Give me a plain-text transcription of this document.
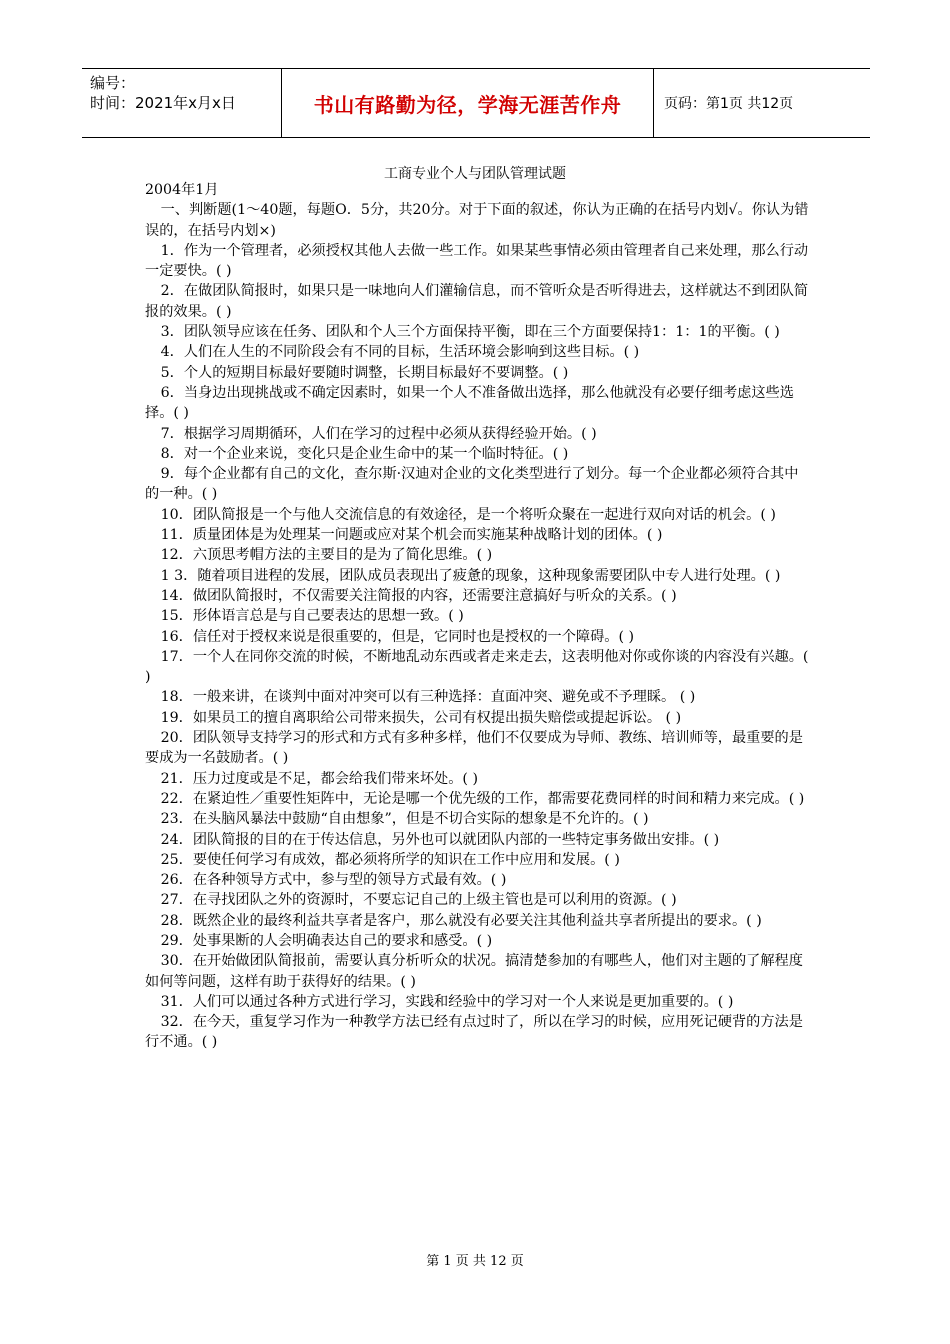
编号：
时间：2021年x月x日	书山有路勤为径，学海无涯苦作舟	页码：第1页 共12页
工商专业个人与团队管理试题

2004年1月

一、判断题(1～40题，每题O．5分，共20分。对于下面的叙述，你认为正确的在括号内划√。你认为错误的，在括号内划×)

1．作为一个管理者，必须授权其他人去做一些工作。如果某些事情必须由管理者自己来处理，那么行动一定要快。( )

2．在做团队简报时，如果只是一味地向人们灌输信息，而不管听众是否听得进去，这样就达不到团队简报的效果。( )

3．团队领导应该在任务、团队和个人三个方面保持平衡，即在三个方面要保持1：1：1的平衡。( )

4．人们在人生的不同阶段会有不同的目标，生活环境会影响到这些目标。( )

5．个人的短期目标最好要随时调整，长期目标最好不要调整。( )

6．当身边出现挑战或不确定因素时，如果一个人不准备做出选择，那么他就没有必要仔细考虑这些选择。( )

7．根据学习周期循环，人们在学习的过程中必须从获得经验开始。( )

8．对一个企业来说，变化只是企业生命中的某一个临时特征。( )

9．每个企业都有自己的文化，查尔斯·汉迪对企业的文化类型进行了划分。每一个企业都必须符合其中的一种。( )

10．团队简报是一个与他人交流信息的有效途径，是一个将听众聚在一起进行双向对话的机会。( )

11．质量团体是为处理某一问题或应对某个机会而实施某种战略计划的团体。( )

12．六顶思考帽方法的主要目的是为了简化思维。( )

1 3．随着项目进程的发展，团队成员表现出了疲惫的现象，这种现象需要团队中专人进行处理。( )

14．做团队简报时，不仅需要关注简报的内容，还需要注意搞好与听众的关系。( )

15．形体语言总是与自己要表达的思想一致。( )

16．信任对于授权来说是很重要的，但是，它同时也是授权的一个障碍。( )

17．一个人在同你交流的时候，不断地乱动东西或者走来走去，这表明他对你或你谈的内容没有兴趣。( )

18．一般来讲，在谈判中面对冲突可以有三种选择：直面冲突、避免或不予理睬。 ( )

19．如果员工的擅自离职给公司带来损失，公司有权提出损失赔偿或提起诉讼。 ( )

20．团队领导支持学习的形式和方式有多种多样，他们不仅要成为导师、教练、培训师等，最重要的是要成为一名鼓励者。( )

21．压力过度或是不足，都会给我们带来坏处。( )

22．在紧迫性／重要性矩阵中，无论是哪一个优先级的工作，都需要花费同样的时间和精力来完成。( )

23．在头脑风暴法中鼓励“自由想象”，但是不切合实际的想象是不允许的。( )

24．团队简报的目的在于传达信息，另外也可以就团队内部的一些特定事务做出安排。( )

25．要使任何学习有成效，都必须将所学的知识在工作中应用和发展。( )

26．在各种领导方式中，参与型的领导方式最有效。( )

27．在寻找团队之外的资源时，不要忘记自己的上级主管也是可以利用的资源。( )

28．既然企业的最终利益共享者是客户，那么就没有必要关注其他利益共享者所提出的要求。( )

29．处事果断的人会明确表达自己的要求和感受。( )

30．在开始做团队简报前，需要认真分析听众的状况。搞清楚参加的有哪些人，他们对主题的了解程度如何等问题，这样有助于获得好的结果。( )

31．人们可以通过各种方式进行学习，实践和经验中的学习对一个人来说是更加重要的。( )

32．在今天，重复学习作为一种教学方法已经有点过时了，所以在学习的时候，应用死记硬背的方法是行不通。( )

第 1 页 共 12 页
